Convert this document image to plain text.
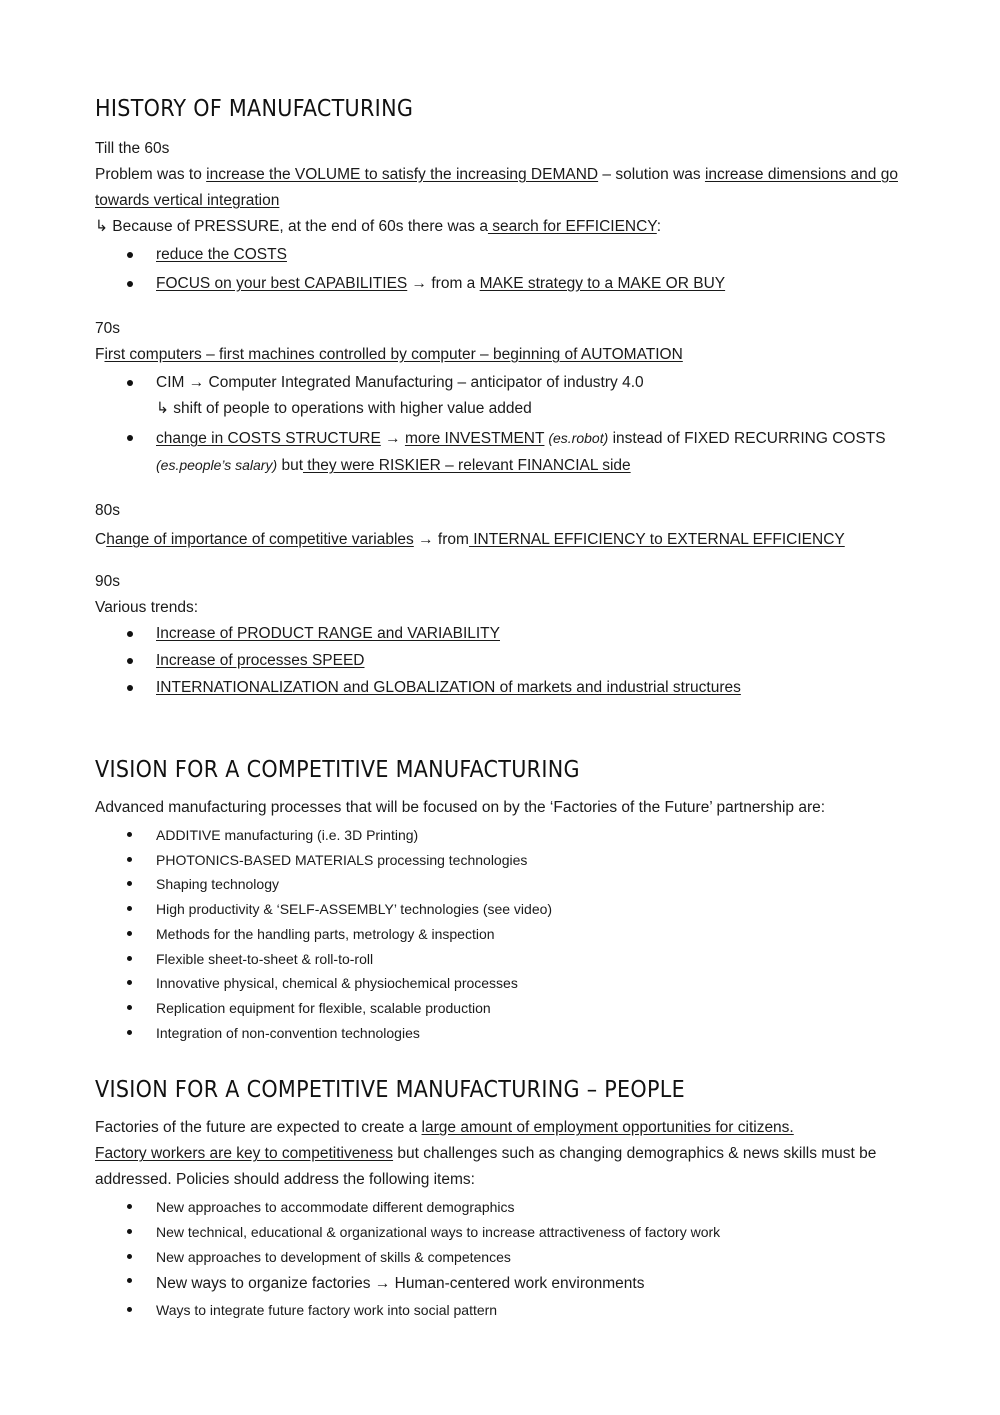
HISTORY OF MANUFACTURING

Till the 60s

Problem was to increase the VOLUME to satisfy the increasing DEMAND – solution was increase dimensions and go towards vertical integration

↳ Because of PRESSURE, at the end of 60s there was a search for EFFICIENCY:

reduce the COSTS
FOCUS on your best CAPABILITIES → from a MAKE strategy to a MAKE OR BUY

70s

First computers – first machines controlled by computer – beginning of AUTOMATION

CIM → Computer Integrated Manufacturing – anticipator of industry 4.0
↳ shift of people to operations with higher value added
change in COSTS STRUCTURE → more INVESTMENT (es.robot) instead of FIXED RECURRING COSTS (es.people’s salary) but they were RISKIER – relevant FINANCIAL side

80s

Change of importance of competitive variables → from INTERNAL EFFICIENCY to EXTERNAL EFFICIENCY

90s

Various trends:

Increase of PRODUCT RANGE and VARIABILITY
Increase of processes SPEED
INTERNATIONALIZATION and GLOBALIZATION of markets and industrial structures
VISION FOR A COMPETITIVE MANUFACTURING

Advanced manufacturing processes that will be focused on by the ‘Factories of the Future’ partnership are:

ADDITIVE manufacturing (i.e. 3D Printing)
PHOTONICS-BASED MATERIALS processing technologies
Shaping technology
High productivity & ‘SELF-ASSEMBLY’ technologies (see video)
Methods for the handling parts, metrology & inspection
Flexible sheet-to-sheet & roll-to-roll
Innovative physical, chemical & physiochemical processes
Replication equipment for flexible, scalable production
Integration of non-convention technologies
VISION FOR A COMPETITIVE MANUFACTURING – PEOPLE

Factories of the future are expected to create a large amount of employment opportunities for citizens.
Factory workers are key to competitiveness but challenges such as changing demographics & news skills must be addressed. Policies should address the following items:

New approaches to accommodate different demographics
New technical, educational & organizational ways to increase attractiveness of factory work
New approaches to development of skills & competences
New ways to organize factories → Human-centered work environments
Ways to integrate future factory work into social pattern
